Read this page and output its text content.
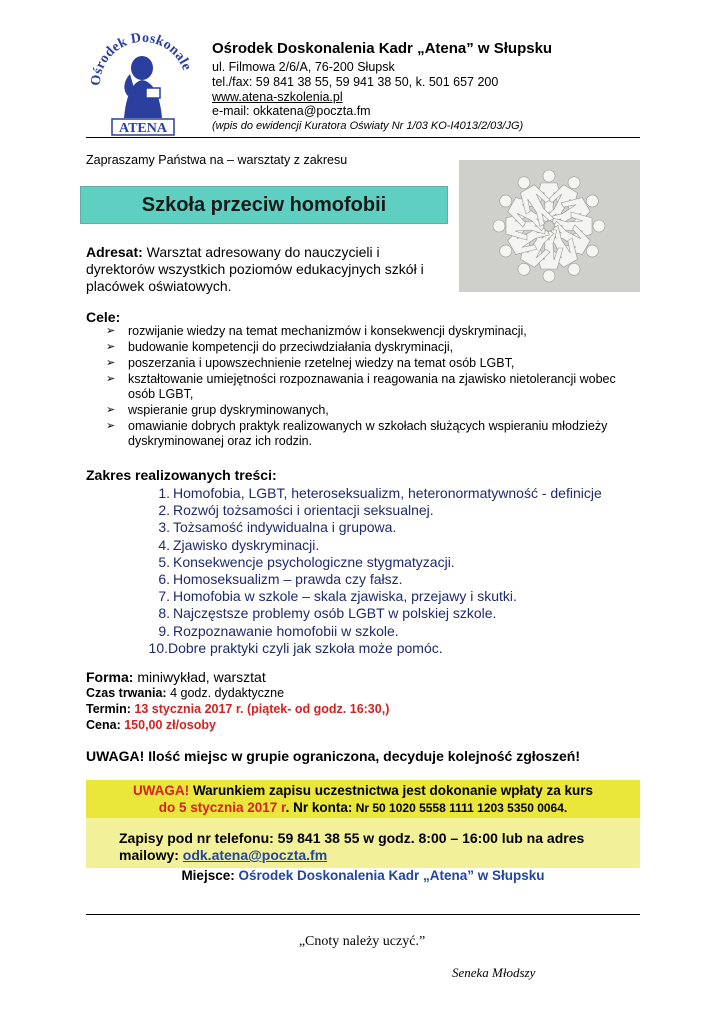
Ośrodek Doskonale
ATENA
Ośrodek Doskonalenia Kadr „Atena” w Słupsku
ul. Filmowa 2/6/A, 76-200 Słupsk
tel./fax: 59 841 38 55, 59 941 38 50, k. 501 657 200
www.atena-szkolenia.pl
e-mail: okkatena@poczta.fm
(wpis do ewidencji Kuratora Oświaty Nr 1/03 KO-I4013/2/03/JG)
Zapraszamy Państwa na – warsztaty z zakresu
Szkoła przeciw homofobii
Adresat: Warsztat adresowany do nauczycieli i dyrektorów wszystkich poziomów edukacyjnych szkół i placówek oświatowych.
Cele:
➢ rozwijanie wiedzy na temat mechanizmów i konsekwencji dyskryminacji,
➢ budowanie kompetencji do przeciwdziałania dyskryminacji,
➢ poszerzania i upowszechnienie rzetelnej wiedzy na temat osób LGBT,
➢ kształtowanie umiejętności rozpoznawania i reagowania na zjawisko nietolerancji wobec osób LGBT,
➢ wspieranie grup dyskryminowanych,
➢ omawianie dobrych praktyk realizowanych w szkołach służących wspieraniu młodzieży dyskryminowanej oraz ich rodzin.
Zakres realizowanych treści:
1. Homofobia, LGBT, heteroseksualizm, heteronormatywność - definicje
2. Rozwój tożsamości i orientacji seksualnej.
3. Tożsamość indywidualna i grupowa.
4. Zjawisko dyskryminacji.
5. Konsekwencje psychologiczne stygmatyzacji.
6. Homoseksualizm – prawda czy fałsz.
7. Homofobia w szkole – skala zjawiska, przejawy i skutki.
8. Najczęstsze problemy osób LGBT w polskiej szkole.
9. Rozpoznawanie homofobii w szkole.
10.Dobre praktyki czyli jak szkoła może pomóc.
Forma: miniwykład, warsztat
Czas trwania: 4 godz. dydaktyczne
Termin: 13 stycznia 2017 r. (piątek- od godz. 16:30,)
Cena: 150,00 zł/osoby
UWAGA! Ilość miejsc w grupie ograniczona, decyduje kolejność zgłoszeń!
UWAGA! Warunkiem zapisu uczestnictwa jest dokonanie wpłaty za kurs
do 5 stycznia 2017 r. Nr konta: Nr 50 1020 5558 1111 1203 5350 0064.
Zapisy pod nr telefonu: 59 841 38 55 w godz. 8:00 – 16:00 lub na adres
mailowy: odk.atena@poczta.fm
Miejsce: Ośrodek Doskonalenia Kadr „Atena” w Słupsku
„Cnoty należy uczyć.”
Seneka Młodszy
